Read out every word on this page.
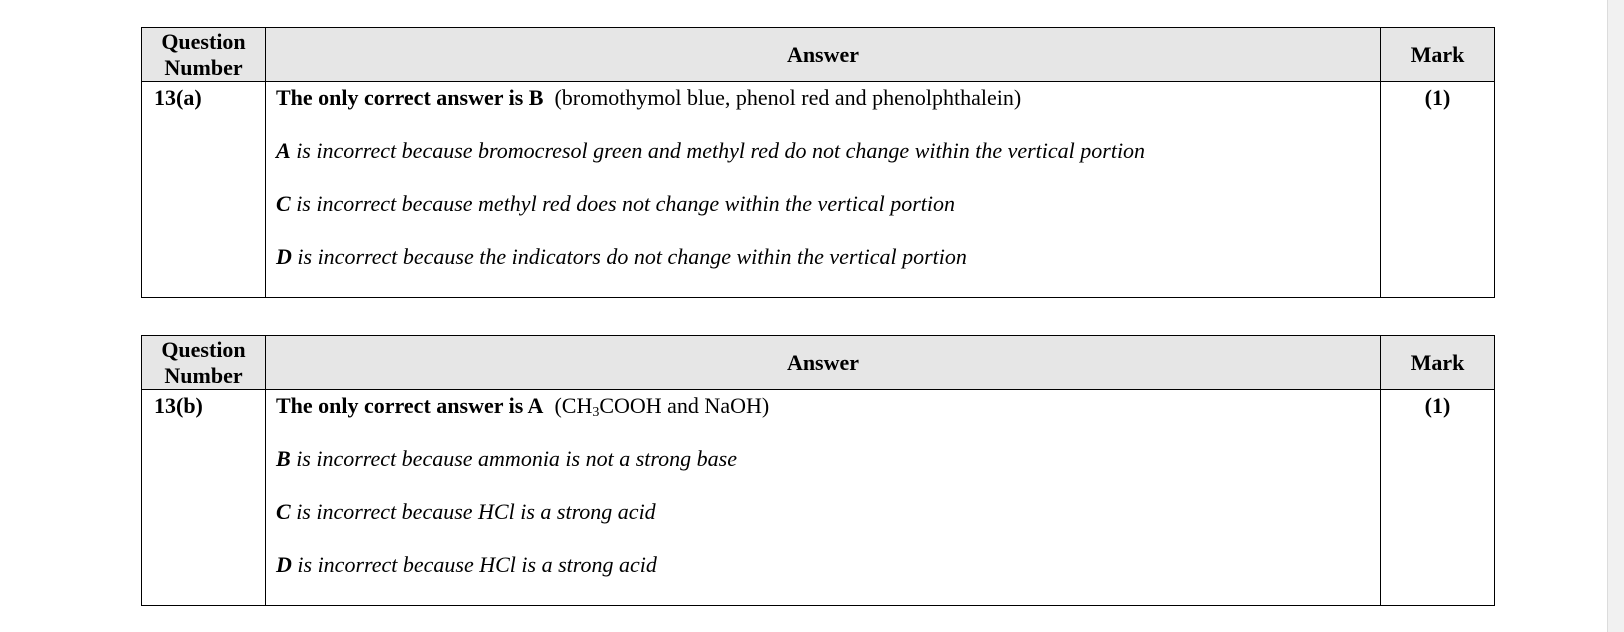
Question Number	Answer	Mark
13(a)	The only correct answer is B (bromothymol blue, phenol red and phenolphthalein)
A is incorrect because bromocresol green and methyl red do not change within the vertical portion
C is incorrect because methyl red does not change within the vertical portion
D is incorrect because the indicators do not change within the vertical portion	(1)
Question Number	Answer	Mark
13(b)	The only correct answer is A ($CH_3COOH$ and NaOH)
B is incorrect because ammonia is not a strong base
C is incorrect because HCl is a strong acid
D is incorrect because HCl is a strong acid	(1)
